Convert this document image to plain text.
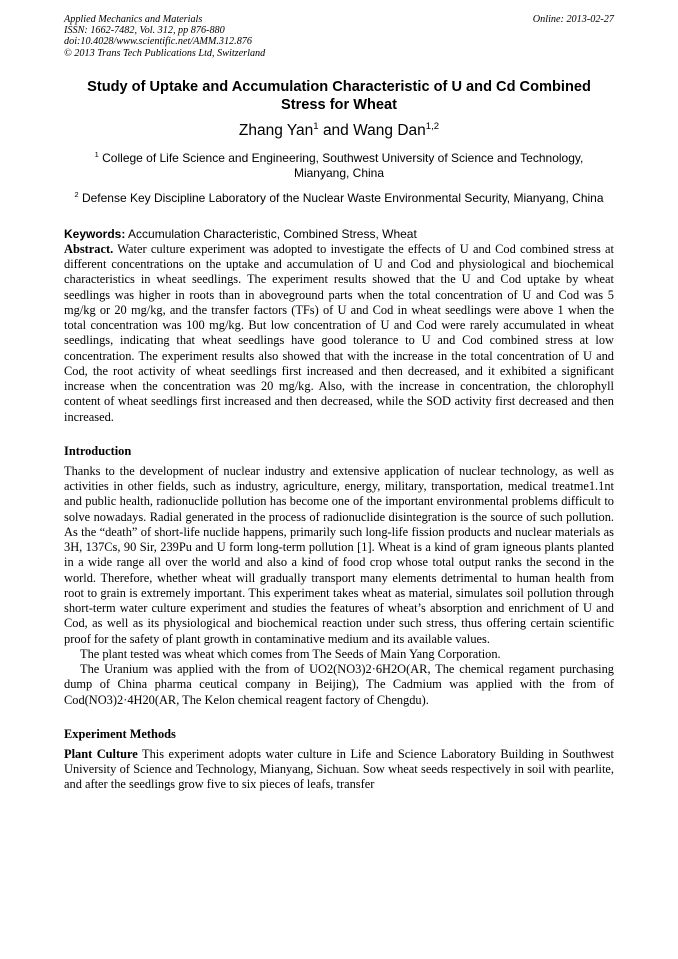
Applied Mechanics and Materials
ISSN: 1662-7482, Vol. 312, pp 876-880
doi:10.4028/www.scientific.net/AMM.312.876
© 2013 Trans Tech Publications Ltd, Switzerland
Online: 2013-02-27
Study of Uptake and Accumulation Characteristic of U and Cd Combined Stress for Wheat
Zhang Yan$^1$ and Wang Dan$^{1,2}$
$^1$ College of Life Science and Engineering, Southwest University of Science and Technology, Mianyang, China
$^2$ Defense Key Discipline Laboratory of the Nuclear Waste Environmental Security, Mianyang, China
Keywords: Accumulation Characteristic, Combined Stress, Wheat

Abstract. Water culture experiment was adopted to investigate the effects of U and Cod combined stress at different concentrations on the uptake and accumulation of U and Cod and physiological and biochemical characteristics in wheat seedlings. The experiment results showed that the U and Cod uptake by wheat seedlings was higher in roots than in aboveground parts when the total concentration of U and Cod was 5 mg/kg or 20 mg/kg, and the transfer factors (TFs) of U and Cod in wheat seedlings were above 1 when the total concentration was 100 mg/kg. But low concentration of U and Cod were rarely accumulated in wheat seedlings, indicating that wheat seedlings have good tolerance to U and Cod combined stress at low concentration. The experiment results also showed that with the increase in the total concentration of U and Cod, the root activity of wheat seedlings first increased and then decreased, and it exhibited a significant increase when the concentration was 20 mg/kg. Also, with the increase in concentration, the chlorophyll content of wheat seedlings first increased and then decreased, while the SOD activity first decreased and then increased.

Introduction

Thanks to the development of nuclear industry and extensive application of nuclear technology, as well as activities in other fields, such as industry, agriculture, energy, military, transportation, medical treatme1.1nt and public health, radionuclide pollution has become one of the important environmental problems difficult to solve nowadays. Radial generated in the process of radionuclide disintegration is the source of such pollution. As the “death” of short-life nuclide happens, primarily such long-life fission products and nuclear materials as 3H, 137Cs, 90 Sir, 239Pu and U form long-term pollution [1]. Wheat is a kind of gram igneous plants planted in a wide range all over the world and also a kind of food crop whose total output ranks the second in the world. Therefore, whether wheat will gradually transport many elements detrimental to human health from root to grain is extremely important. This experiment takes wheat as material, simulates soil pollution through short-term water culture experiment and studies the features of wheat’s absorption and enrichment of U and Cod, as well as its physiological and biochemical reaction under such stress, thus offering certain scientific proof for the safety of plant growth in contaminative medium and its available values.

The plant tested was wheat which comes from The Seeds of Main Yang Corporation.

The Uranium was applied with the from of UO2(NO3)2·6H2O(AR, The chemical regament purchasing dump of China pharma ceutical company in Beijing), The Cadmium was applied with the from of Cod(NO3)2·4H20(AR, The Kelon chemical reagent factory of Chengdu).

Experiment Methods

Plant Culture This experiment adopts water culture in Life and Science Laboratory Building in Southwest University of Science and Technology, Mianyang, Sichuan. Sow wheat seeds respectively in soil with pearlite, and after the seedlings grow five to six pieces of leafs, transfer
